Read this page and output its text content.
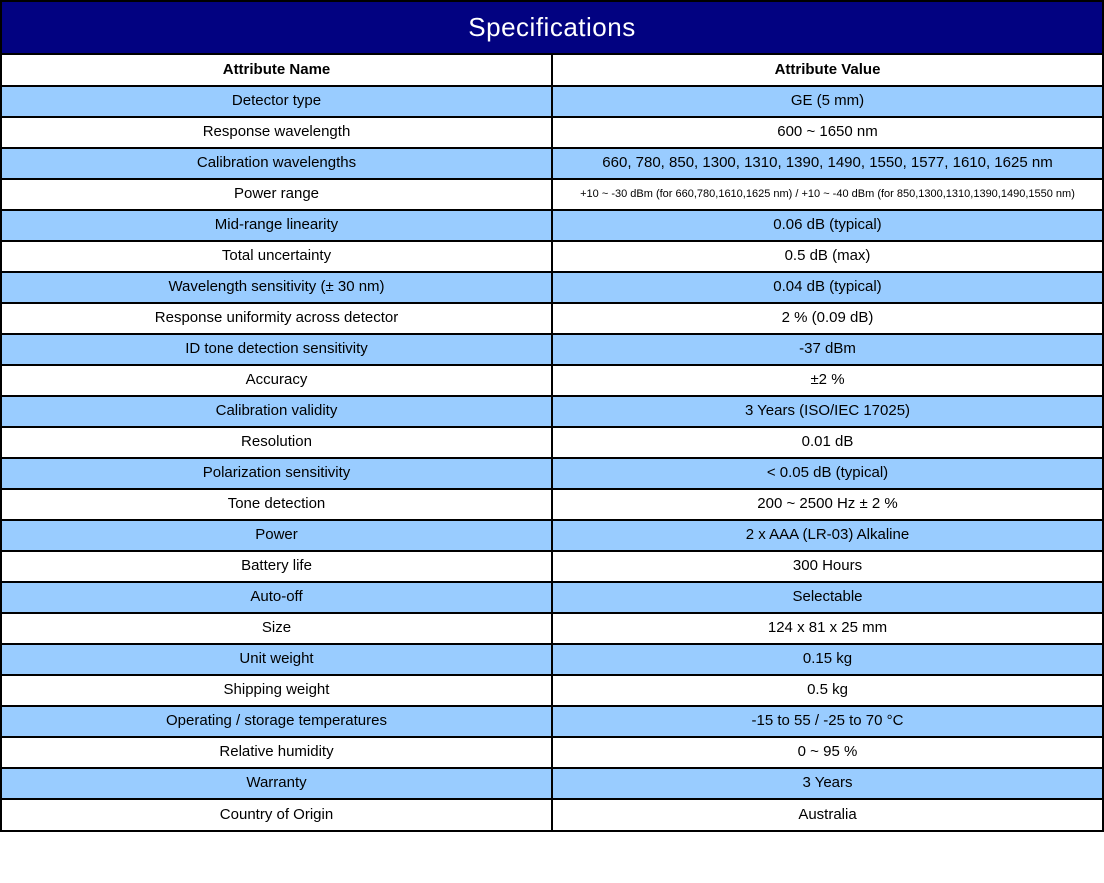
Specifications
Attribute Name	Attribute Value
Detector type	GE (5 mm)
Response wavelength	600 ~ 1650 nm
Calibration wavelengths	660, 780, 850, 1300, 1310, 1390, 1490, 1550, 1577, 1610, 1625 nm
Power range	+10 ~ -30 dBm (for 660,780,1610,1625 nm) / +10 ~ -40 dBm (for 850,1300,1310,1390,1490,1550 nm)
Mid-range linearity	0.06 dB (typical)
Total uncertainty	0.5 dB (max)
Wavelength sensitivity (± 30 nm)	0.04 dB (typical)
Response uniformity across detector	2 % (0.09 dB)
ID tone detection sensitivity	-37 dBm
Accuracy	±2 %
Calibration validity	3 Years (ISO/IEC 17025)
Resolution	0.01 dB
Polarization sensitivity	< 0.05 dB (typical)
Tone detection	200 ~ 2500 Hz ± 2 %
Power	2 x AAA (LR-03) Alkaline
Battery life	300 Hours
Auto-off	Selectable
Size	124 x 81 x 25 mm
Unit weight	0.15 kg
Shipping weight	0.5 kg
Operating / storage temperatures	-15 to 55 / -25 to 70 °C
Relative humidity	0 ~ 95 %
Warranty	3 Years
Country of Origin	Australia
